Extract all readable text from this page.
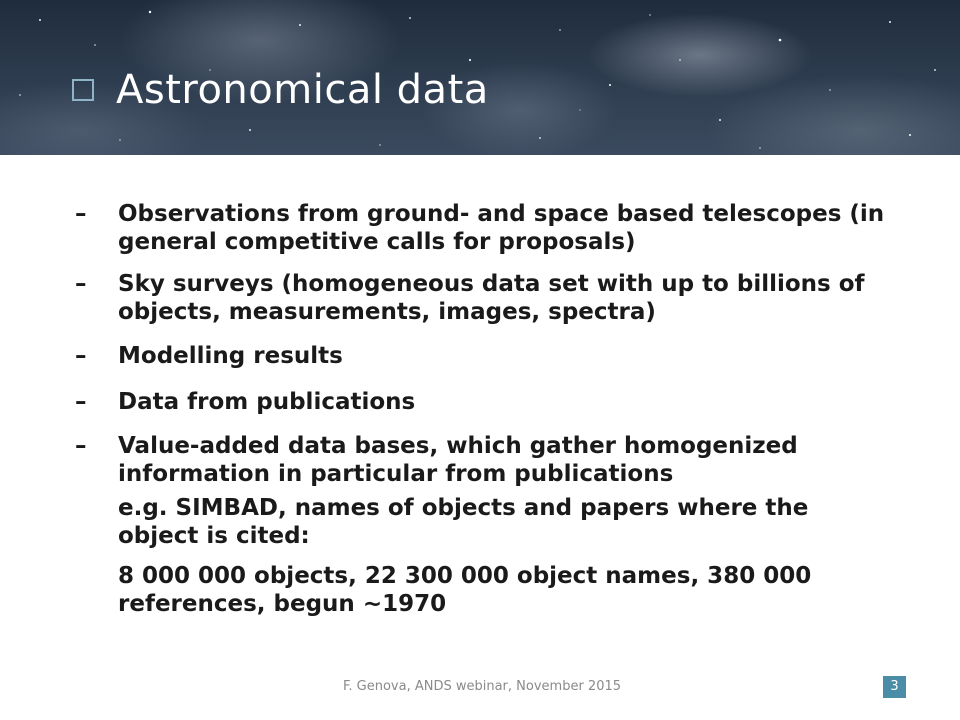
Astronomical data
–	Observations from ground- and space based telescopes (in general competitive calls for proposals)
–	Sky surveys (homogeneous data set with up to billions of objects, measurements, images, spectra)
–	Modelling results
–	Data from publications
–	Value-added data bases, which gather homogenized information in particular from publications
e.g. SIMBAD, names of objects and papers where the object is cited:
8 000 000 objects, 22 300 000 object names, 380 000 references, begun ~1970
F. Genova, ANDS webinar, November 2015	3
